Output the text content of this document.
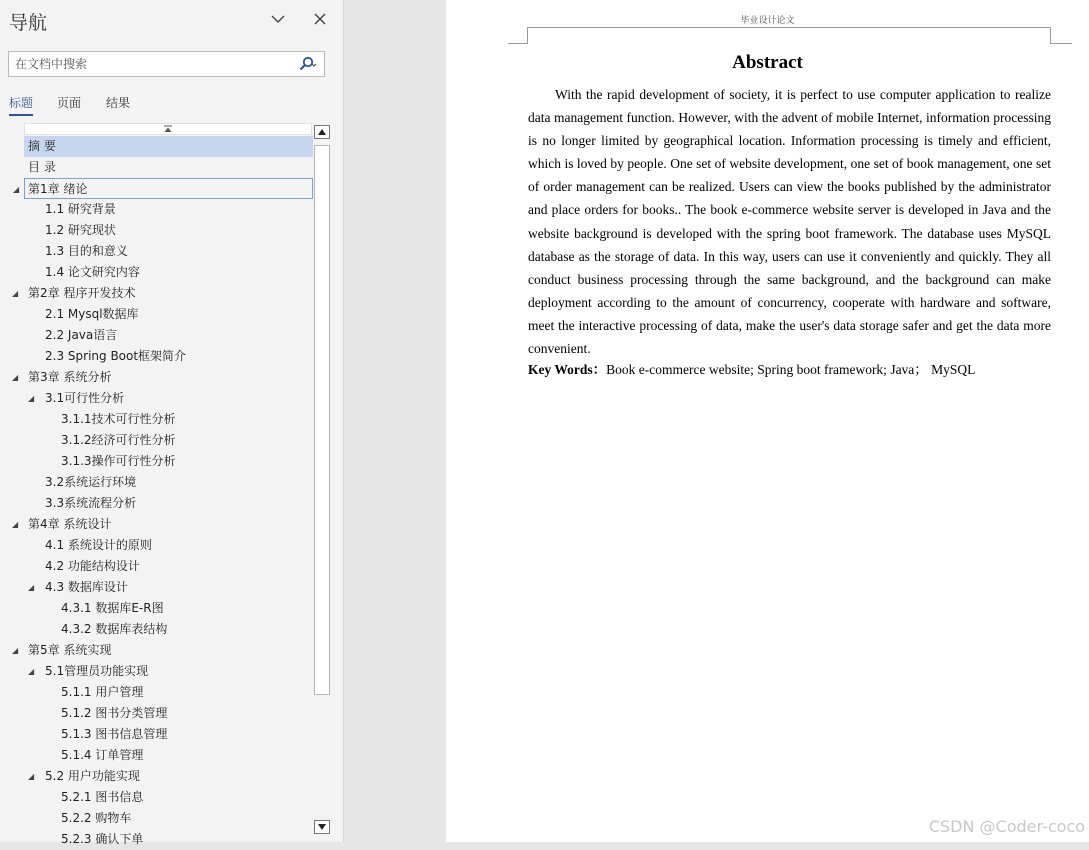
导航
在文档中搜索
标题 页面 结果
摘 要
目 录
◢ 第1章 绪论
1.1 研究背景
1.2 研究现状
1.3 目的和意义
1.4 论文研究内容
◢ 第2章 程序开发技术
2.1 Mysql数据库
2.2 Java语言
2.3 Spring Boot框架简介
◢ 第3章 系统分析
◢ 3.1可行性分析
3.1.1技术可行性分析
3.1.2经济可行性分析
3.1.3操作可行性分析
3.2系统运行环境
3.3系统流程分析
◢ 第4章 系统设计
4.1 系统设计的原则
4.2 功能结构设计
◢ 4.3 数据库设计
4.3.1 数据库E-R图
4.3.2 数据库表结构
◢ 第5章 系统实现
◢ 5.1管理员功能实现
5.1.1 用户管理
5.1.2 图书分类管理
5.1.3 图书信息管理
5.1.4 订单管理
◢ 5.2 用户功能实现
5.2.1 图书信息
5.2.2 购物车
5.2.3 确认下单
毕业设计论文
Abstract

With the rapid development of society, it is perfect to use computer application to realize data management function. However, with the advent of mobile Internet, information processing is no longer limited by geographical location. Information processing is timely and efficient, which is loved by people. One set of website development, one set of book management, one set of order management can be realized. Users can view the books published by the administrator and place orders for books.. The book e-commerce website server is developed in Java and the website background is developed with the spring boot framework. The database uses MySQL database as the storage of data. In this way, users can use it conveniently and quickly. They all conduct business processing through the same background, and the background can make deployment according to the amount of concurrency, cooperate with hardware and software, meet the interactive processing of data, make the user's data storage safer and get the data more convenient.

Key Words：Book e-commerce website; Spring boot framework; Java； MySQL
CSDN @Coder-coco
